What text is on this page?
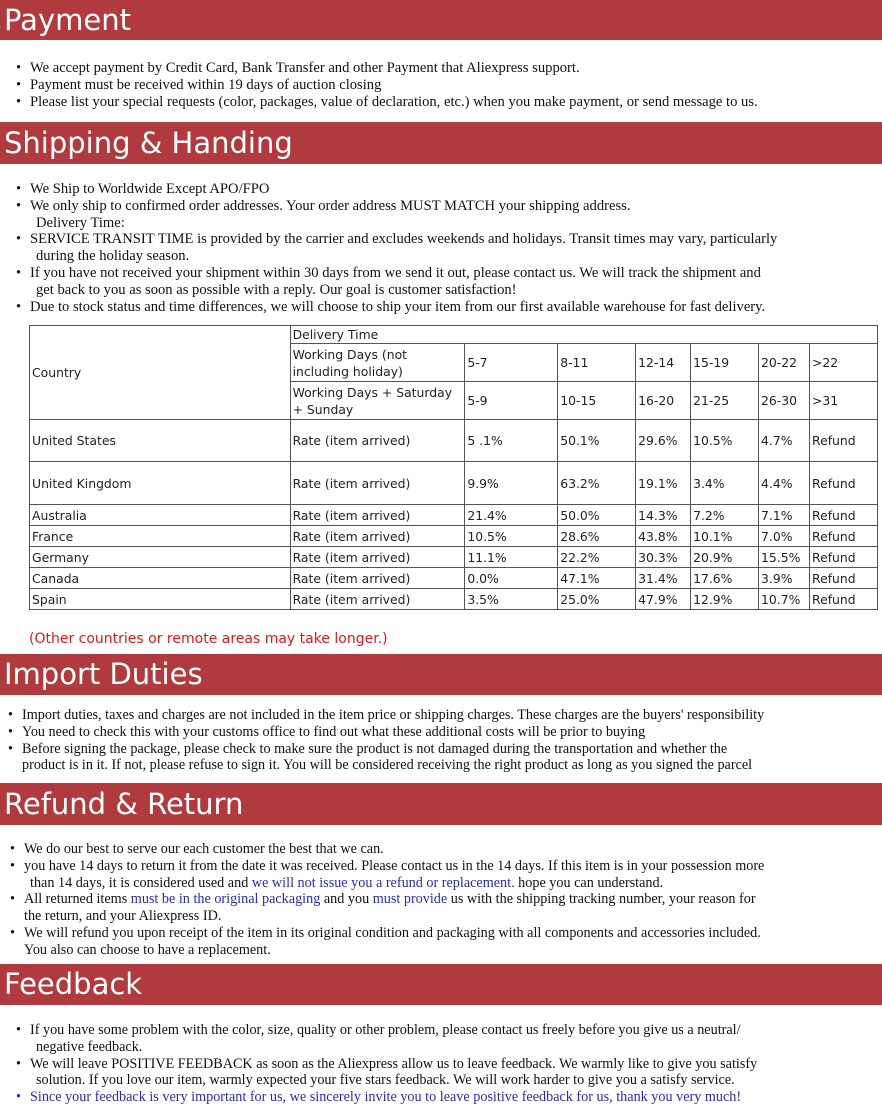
Payment
• We accept payment by Credit Card, Bank Transfer and other Payment that Aliexpress support.
• Payment must be received within 19 days of auction closing
• Please list your special requests (color, packages, value of declaration, etc.) when you make payment, or send message to us.
Shipping & Handing
• We Ship to Worldwide Except APO/FPO
• We only ship to confirmed order addresses. Your order address MUST MATCH your shipping address.
Delivery Time:
• SERVICE TRANSIT TIME is provided by the carrier and excludes weekends and holidays. Transit times may vary, particularly
during the holiday season.
• If you have not received your shipment within 30 days from we send it out, please contact us. We will track the shipment and
get back to you as soon as possible with a reply. Our goal is customer satisfaction!
• Due to stock status and time differences, we will choose to ship your item from our first available warehouse for fast delivery.
Country	Delivery Time						
	Working Days (not including holiday)	5-7	8-11	12-14	15-19	20-22	>22
	Working Days + Saturday + Sunday	5-9	10-15	16-20	21-25	26-30	>31
United States	Rate (item arrived)	5 .1%	50.1%	29.6%	10.5%	4.7%	Refund
United Kingdom	Rate (item arrived)	9.9%	63.2%	19.1%	3.4%	4.4%	Refund
Australia	Rate (item arrived)	21.4%	50.0%	14.3%	7.2%	7.1%	Refund
France	Rate (item arrived)	10.5%	28.6%	43.8%	10.1%	7.0%	Refund
Germany	Rate (item arrived)	11.1%	22.2%	30.3%	20.9%	15.5%	Refund
Canada	Rate (item arrived)	0.0%	47.1%	31.4%	17.6%	3.9%	Refund
Spain	Rate (item arrived)	3.5%	25.0%	47.9%	12.9%	10.7%	Refund
(Other countries or remote areas may take longer.)
Import Duties
• Import duties, taxes and charges are not included in the item price or shipping charges. These charges are the buyers' responsibility
• You need to check this with your customs office to find out what these additional costs will be prior to buying
• Before signing the package, please check to make sure the product is not damaged during the transportation and whether the
product is in it. If not, please refuse to sign it. You will be considered receiving the right product as long as you signed the parcel
Refund & Return
• We do our best to serve our each customer the best that we can.
• you have 14 days to return it from the date it was received. Please contact us in the 14 days. If this item is in your possession more
than 14 days, it is considered used and we will not issue you a refund or replacement. hope you can understand.
• All returned items must be in the original packaging and you must provide us with the shipping tracking number, your reason for
the return, and your Aliexpress ID.
• We will refund you upon receipt of the item in its original condition and packaging with all components and accessories included.
You also can choose to have a replacement.
Feedback
• If you have some problem with the color, size, quality or other problem, please contact us freely before you give us a neutral/
negative feedback.
• We will leave POSITIVE FEEDBACK as soon as the Aliexpress allow us to leave feedback. We warmly like to give you satisfy
solution. If you love our item, warmly expected your five stars feedback. We will work harder to give you a satisfy service.
• Since your feedback is very important for us, we sincerely invite you to leave positive feedback for us, thank you very much!
